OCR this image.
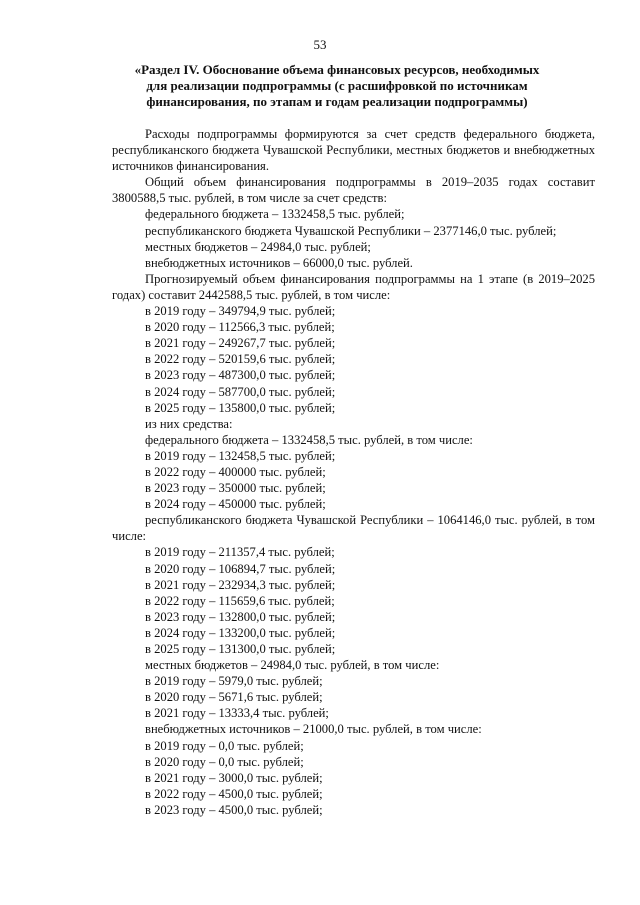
53
«Раздел IV. Обоснование объема финансовых ресурсов, необходимых
для реализации подпрограммы (с расшифровкой по источникам
финансирования, по этапам и годам реализации подпрограммы)

Расходы подпрограммы формируются за счет средств федерального бюджета, республиканского бюджета Чувашской Республики, местных бюджетов и внебюджетных источников финансирования.

Общий объем финансирования подпрограммы в 2019–2035 годах составит 3800588,5 тыс. рублей, в том числе за счет средств:

федерального бюджета – 1332458,5 тыс. рублей;

республиканского бюджета Чувашской Республики – 2377146,0 тыс. рублей;

местных бюджетов – 24984,0 тыс. рублей;

внебюджетных источников – 66000,0 тыс. рублей.

Прогнозируемый объем финансирования подпрограммы на 1 этапе (в 2019–2025 годах) составит 2442588,5 тыс. рублей, в том числе:

в 2019 году – 349794,9 тыс. рублей;

в 2020 году – 112566,3 тыс. рублей;

в 2021 году – 249267,7 тыс. рублей;

в 2022 году – 520159,6 тыс. рублей;

в 2023 году – 487300,0 тыс. рублей;

в 2024 году – 587700,0 тыс. рублей;

в 2025 году – 135800,0 тыс. рублей;

из них средства:

федерального бюджета – 1332458,5 тыс. рублей, в том числе:

в 2019 году – 132458,5 тыс. рублей;

в 2022 году – 400000 тыс. рублей;

в 2023 году – 350000 тыс. рублей;

в 2024 году – 450000 тыс. рублей;

республиканского бюджета Чувашской Республики – 1064146,0 тыс. рублей, в том числе:

в 2019 году – 211357,4 тыс. рублей;

в 2020 году – 106894,7 тыс. рублей;

в 2021 году – 232934,3 тыс. рублей;

в 2022 году – 115659,6 тыс. рублей;

в 2023 году – 132800,0 тыс. рублей;

в 2024 году – 133200,0 тыс. рублей;

в 2025 году – 131300,0 тыс. рублей;

местных бюджетов – 24984,0 тыс. рублей, в том числе:

в 2019 году – 5979,0 тыс. рублей;

в 2020 году – 5671,6 тыс. рублей;

в 2021 году – 13333,4 тыс. рублей;

внебюджетных источников – 21000,0 тыс. рублей, в том числе:

в 2019 году – 0,0 тыс. рублей;

в 2020 году – 0,0 тыс. рублей;

в 2021 году – 3000,0 тыс. рублей;

в 2022 году – 4500,0 тыс. рублей;

в 2023 году – 4500,0 тыс. рублей;
